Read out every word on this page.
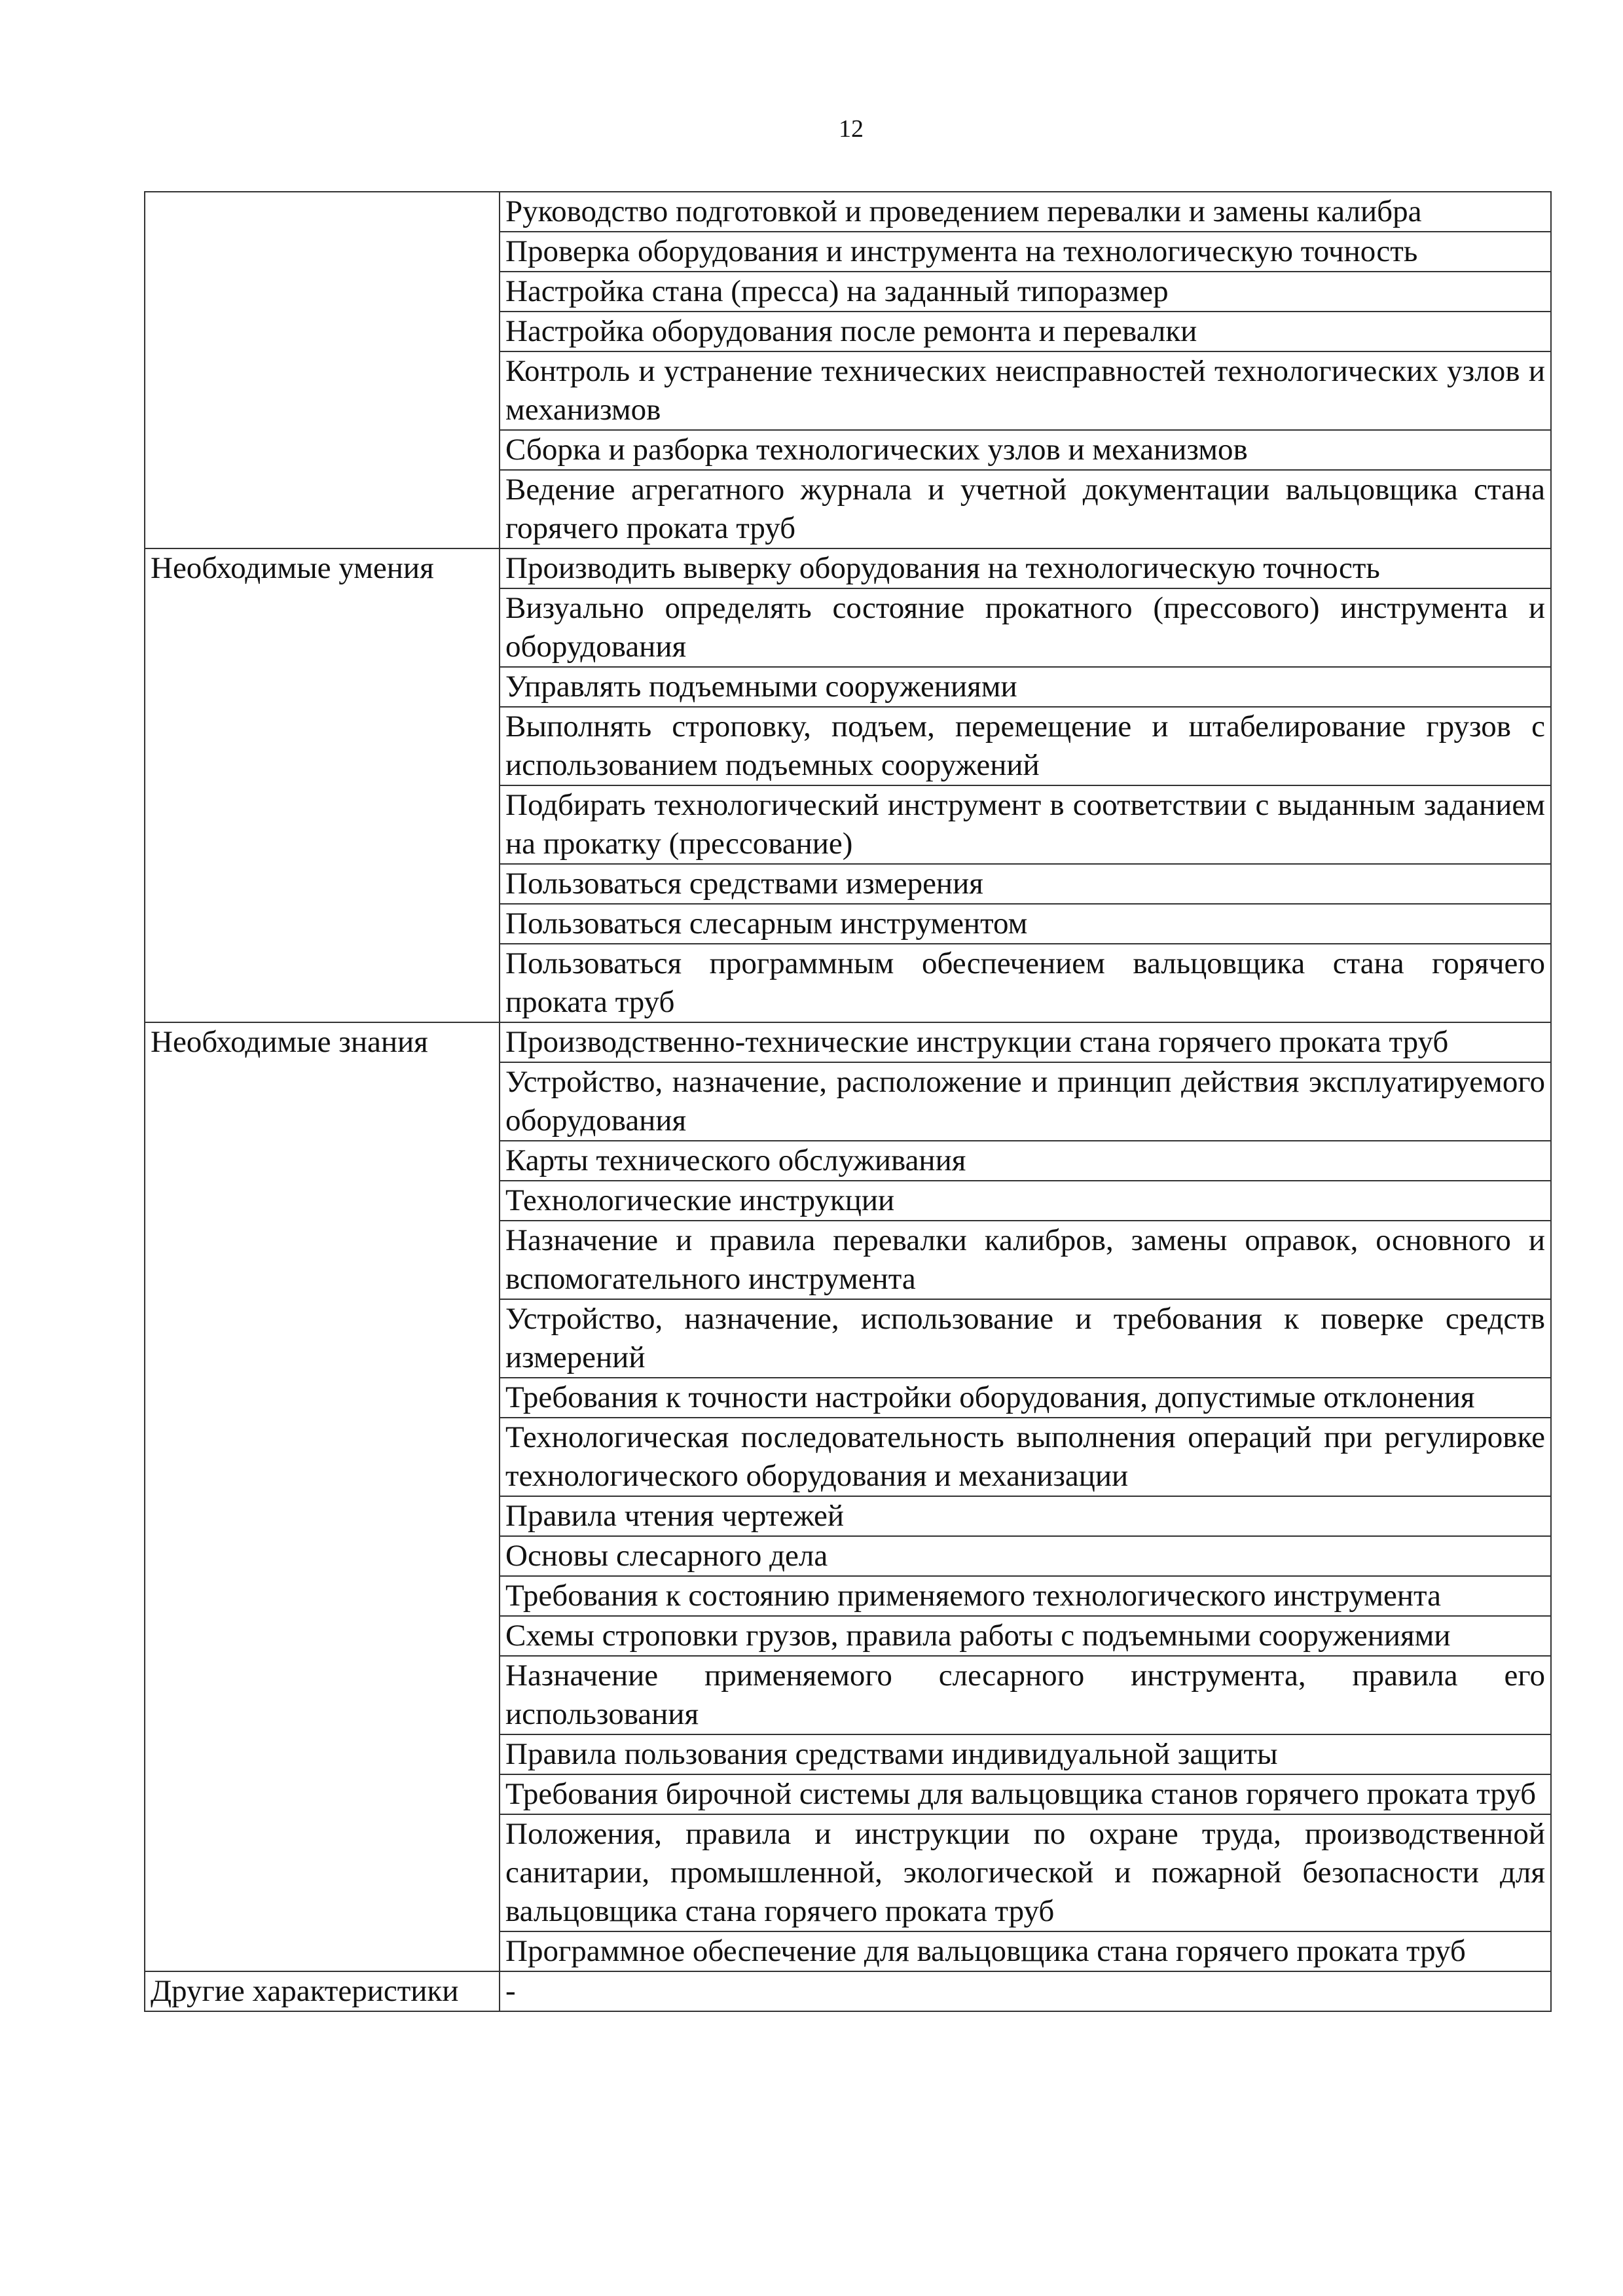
12
	Руководство подготовкой и проведением перевалки и замены калибра
	Проверка оборудования и инструмента на технологическую точность
	Настройка стана (пресса) на заданный типоразмер
	Настройка оборудования после ремонта и перевалки
	Контроль и устранение технических неисправностей технологических узлов и механизмов
	Сборка и разборка технологических узлов и механизмов
	Ведение агрегатного журнала и учетной документации вальцовщика стана горячего проката труб
Необходимые умения	Производить выверку оборудования на технологическую точность
	Визуально определять состояние прокатного (прессового) инструмента и оборудования
	Управлять подъемными сооружениями
	Выполнять строповку, подъем, перемещение и штабелирование грузов с использованием подъемных сооружений
	Подбирать технологический инструмент в соответствии с выданным заданием на прокатку (прессование)
	Пользоваться средствами измерения
	Пользоваться слесарным инструментом
	Пользоваться программным обеспечением вальцовщика стана горячего проката труб
Необходимые знания	Производственно-технические инструкции стана горячего проката труб
	Устройство, назначение, расположение и принцип действия эксплуатируемого оборудования
	Карты технического обслуживания
	Технологические инструкции
	Назначение и правила перевалки калибров, замены оправок, основного и вспомогательного инструмента
	Устройство, назначение, использование и требования к поверке средств измерений
	Требования к точности настройки оборудования, допустимые отклонения
	Технологическая последовательность выполнения операций при регулировке технологического оборудования и механизации
	Правила чтения чертежей
	Основы слесарного дела
	Требования к состоянию применяемого технологического инструмента
	Схемы строповки грузов, правила работы с подъемными сооружениями
	Назначение применяемого слесарного инструмента, правила его использования
	Правила пользования средствами индивидуальной защиты
	Требования бирочной системы для вальцовщика станов горячего проката труб
	Положения, правила и инструкции по охране труда, производственной санитарии, промышленной, экологической и пожарной безопасности для вальцовщика стана горячего проката труб
	Программное обеспечение для вальцовщика стана горячего проката труб
Другие характеристики	-
